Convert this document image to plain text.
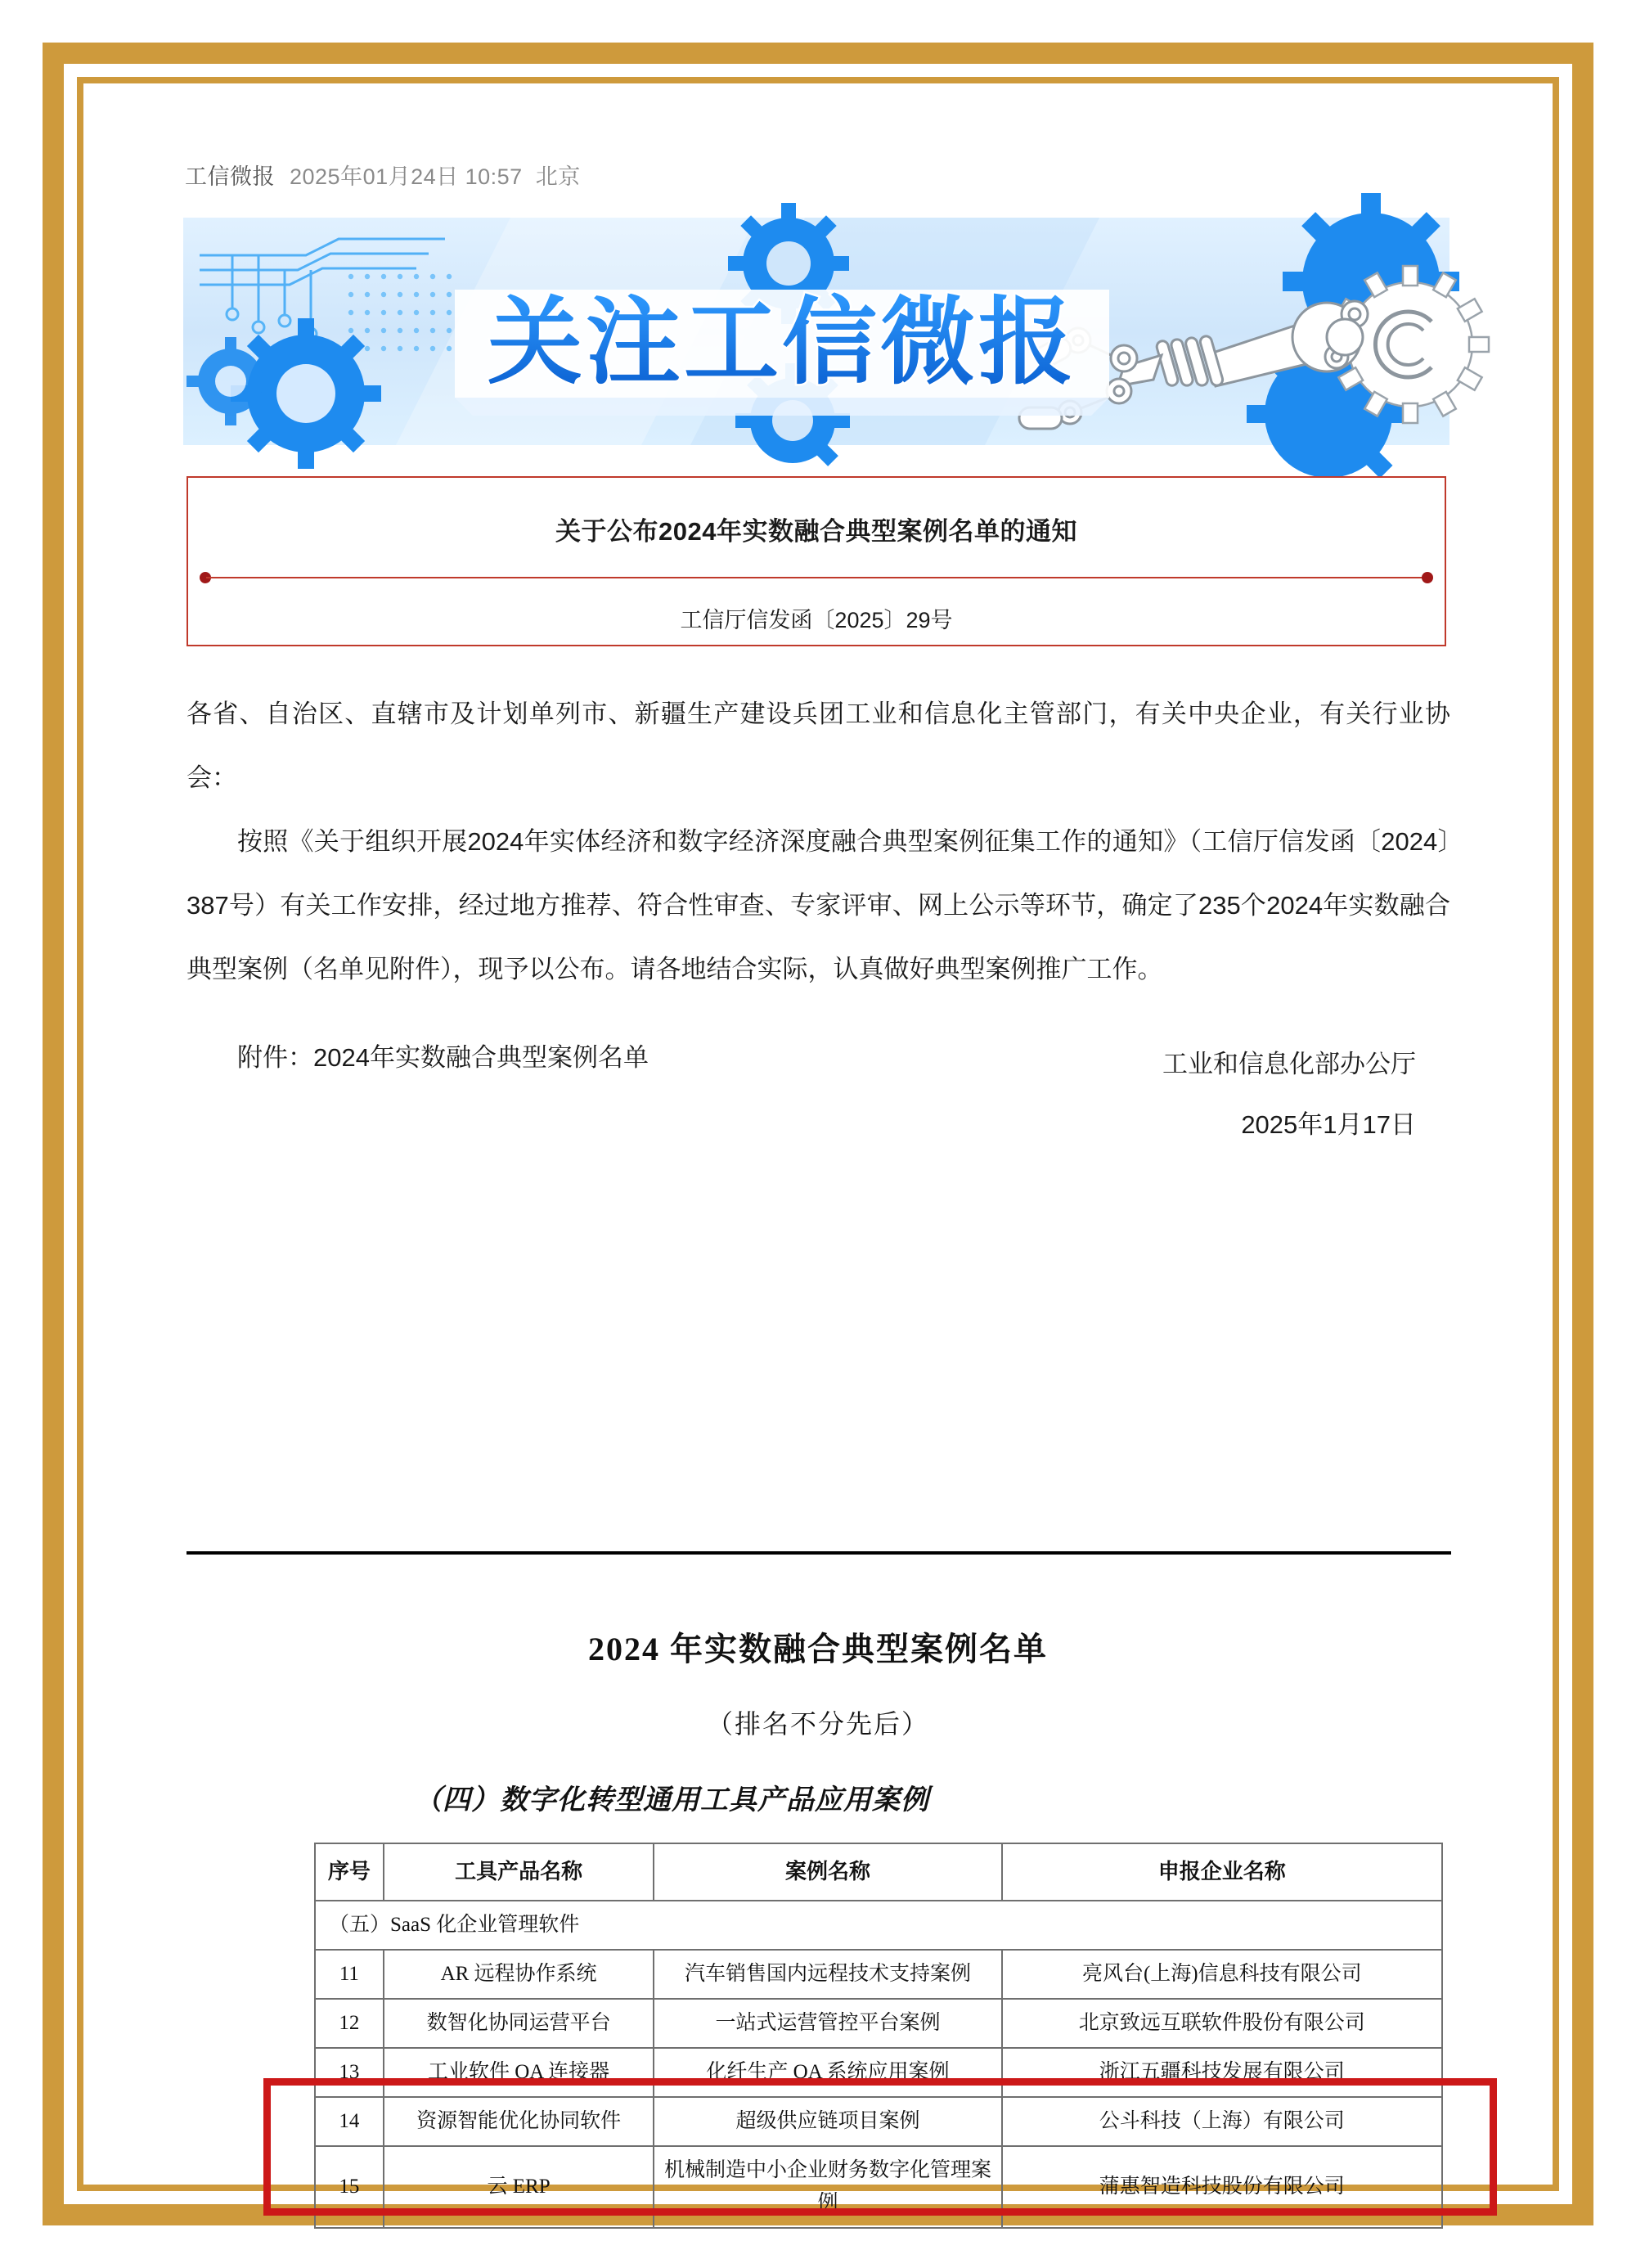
工信微报 2025年01月24日 10:57 北京
关注工信微报
关于公布2024年实数融合典型案例名单的通知
工信厅信发函〔2025〕29号

各省、自治区、直辖市及计划单列市、新疆生产建设兵团工业和信息化主管部门，有关中央企业，有关行业协会：

按照《关于组织开展2024年实体经济和数字经济深度融合典型案例征集工作的通知》（工信厅信发函〔2024〕387号）有关工作安排，经过地方推荐、符合性审查、专家评审、网上公示等环节，确定了235个2024年实数融合典型案例（名单见附件），现予以公布。请各地结合实际，认真做好典型案例推广工作。

附件：2024年实数融合典型案例名单	工业和信息化部办公厅
2025年1月17日
2024 年实数融合典型案例名单
（排名不分先后）
（四）数字化转型通用工具产品应用案例
序号	工具产品名称	案例名称	申报企业名称
（五）SaaS 化企业管理软件			
11	AR 远程协作系统	汽车销售国内远程技术支持案例	亮风台(上海)信息科技有限公司
12	数智化协同运营平台	一站式运营管控平台案例	北京致远互联软件股份有限公司
13	工业软件 OA 连接器	化纤生产 OA 系统应用案例	浙江五疆科技发展有限公司
14	资源智能优化协同软件	超级供应链项目案例	公斗科技（上海）有限公司
15	云 ERP	机械制造中小企业财务数字化管理案例	蒲惠智造科技股份有限公司
